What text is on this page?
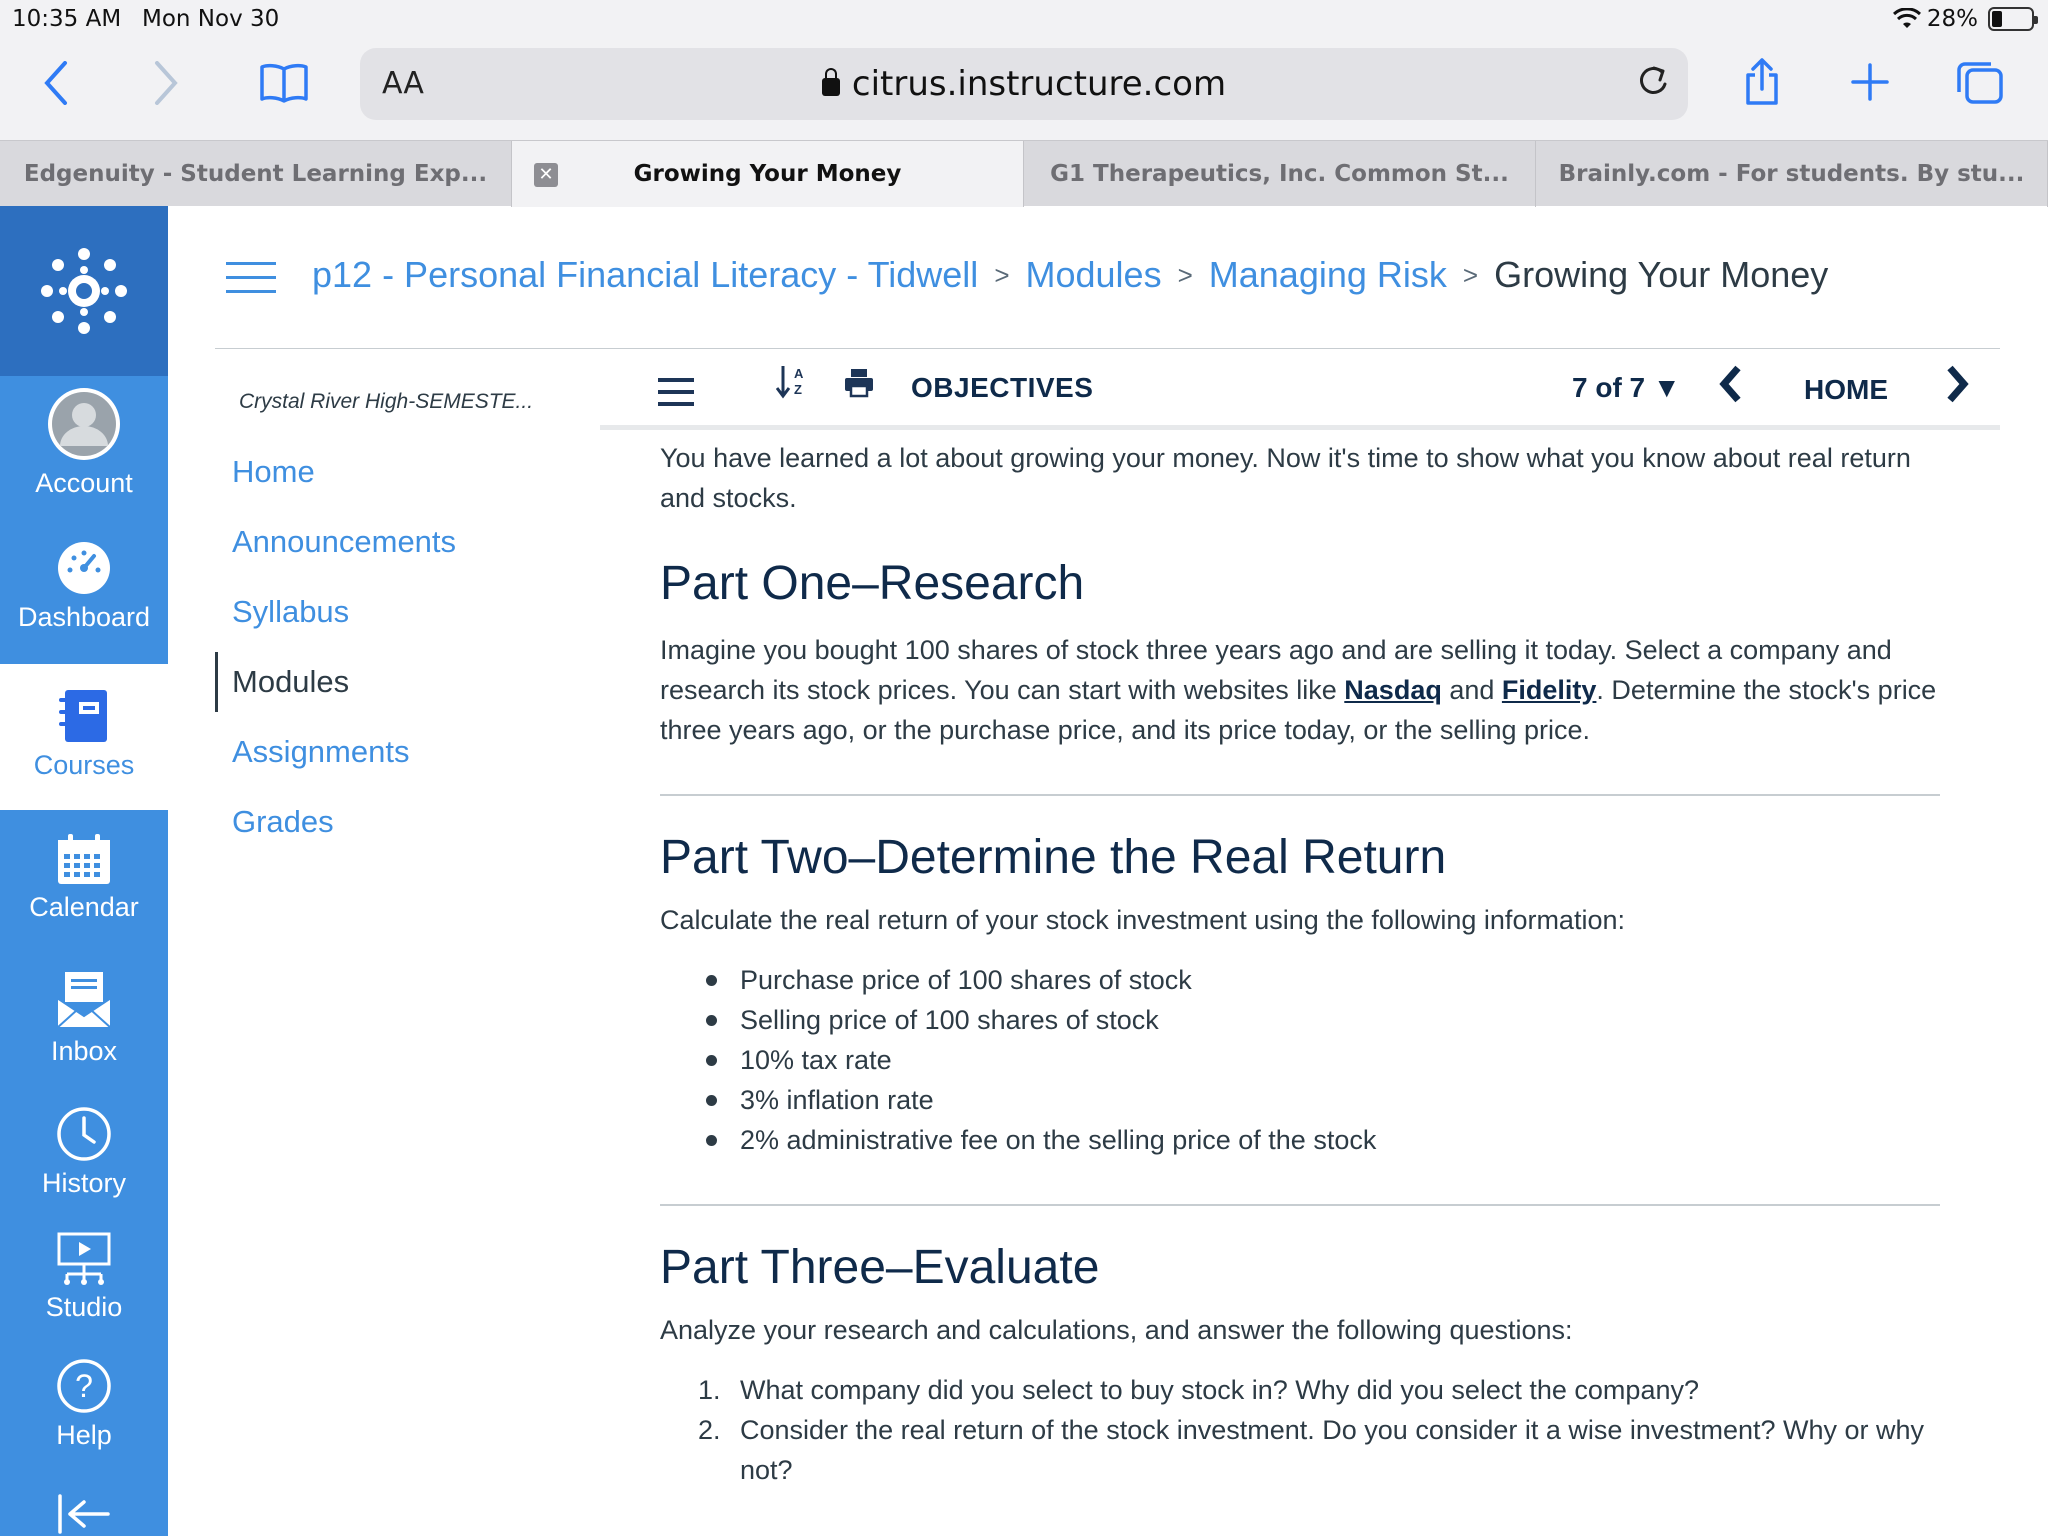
10:35 AM Mon Nov 30	28%
AA	citrus.instructure.com
Edgenuity - Student Learning Exp...	✕	Growing Your Money	G1 Therapeutics, Inc. Common St... Brainly.com - For students. By stu...
Account
Dashboard
Courses
Calendar
Inbox
History
Studio
?
Help
p12 - Personal Financial Literacy - Tidwell > Modules > Managing Risk > Growing Your Money
Crystal River High-SEMESTE...
Home
Announcements
Syllabus
Modules
Assignments
Grades
A
Z	OBJECTIVES	7 of 7 ▼	HOME

You have learned a lot about growing your money. Now it's time to show what you know about real return and stocks.

Part One–Research

Imagine you bought 100 shares of stock three years ago and are selling it today. Select a company and research its stock prices. You can start with websites like Nasdaq and Fidelity. Determine the stock's price three years ago, or the purchase price, and its price today, or the selling price.

Part Two–Determine the Real Return

Calculate the real return of your stock investment using the following information:

Purchase price of 100 shares of stock
Selling price of 100 shares of stock
10% tax rate
3% inflation rate
2% administrative fee on the selling price of the stock
Part Three–Evaluate

Analyze your research and calculations, and answer the following questions:

1. What company did you select to buy stock in? Why did you select the company?
2. Consider the real return of the stock investment. Do you consider it a wise investment? Why or why not?
